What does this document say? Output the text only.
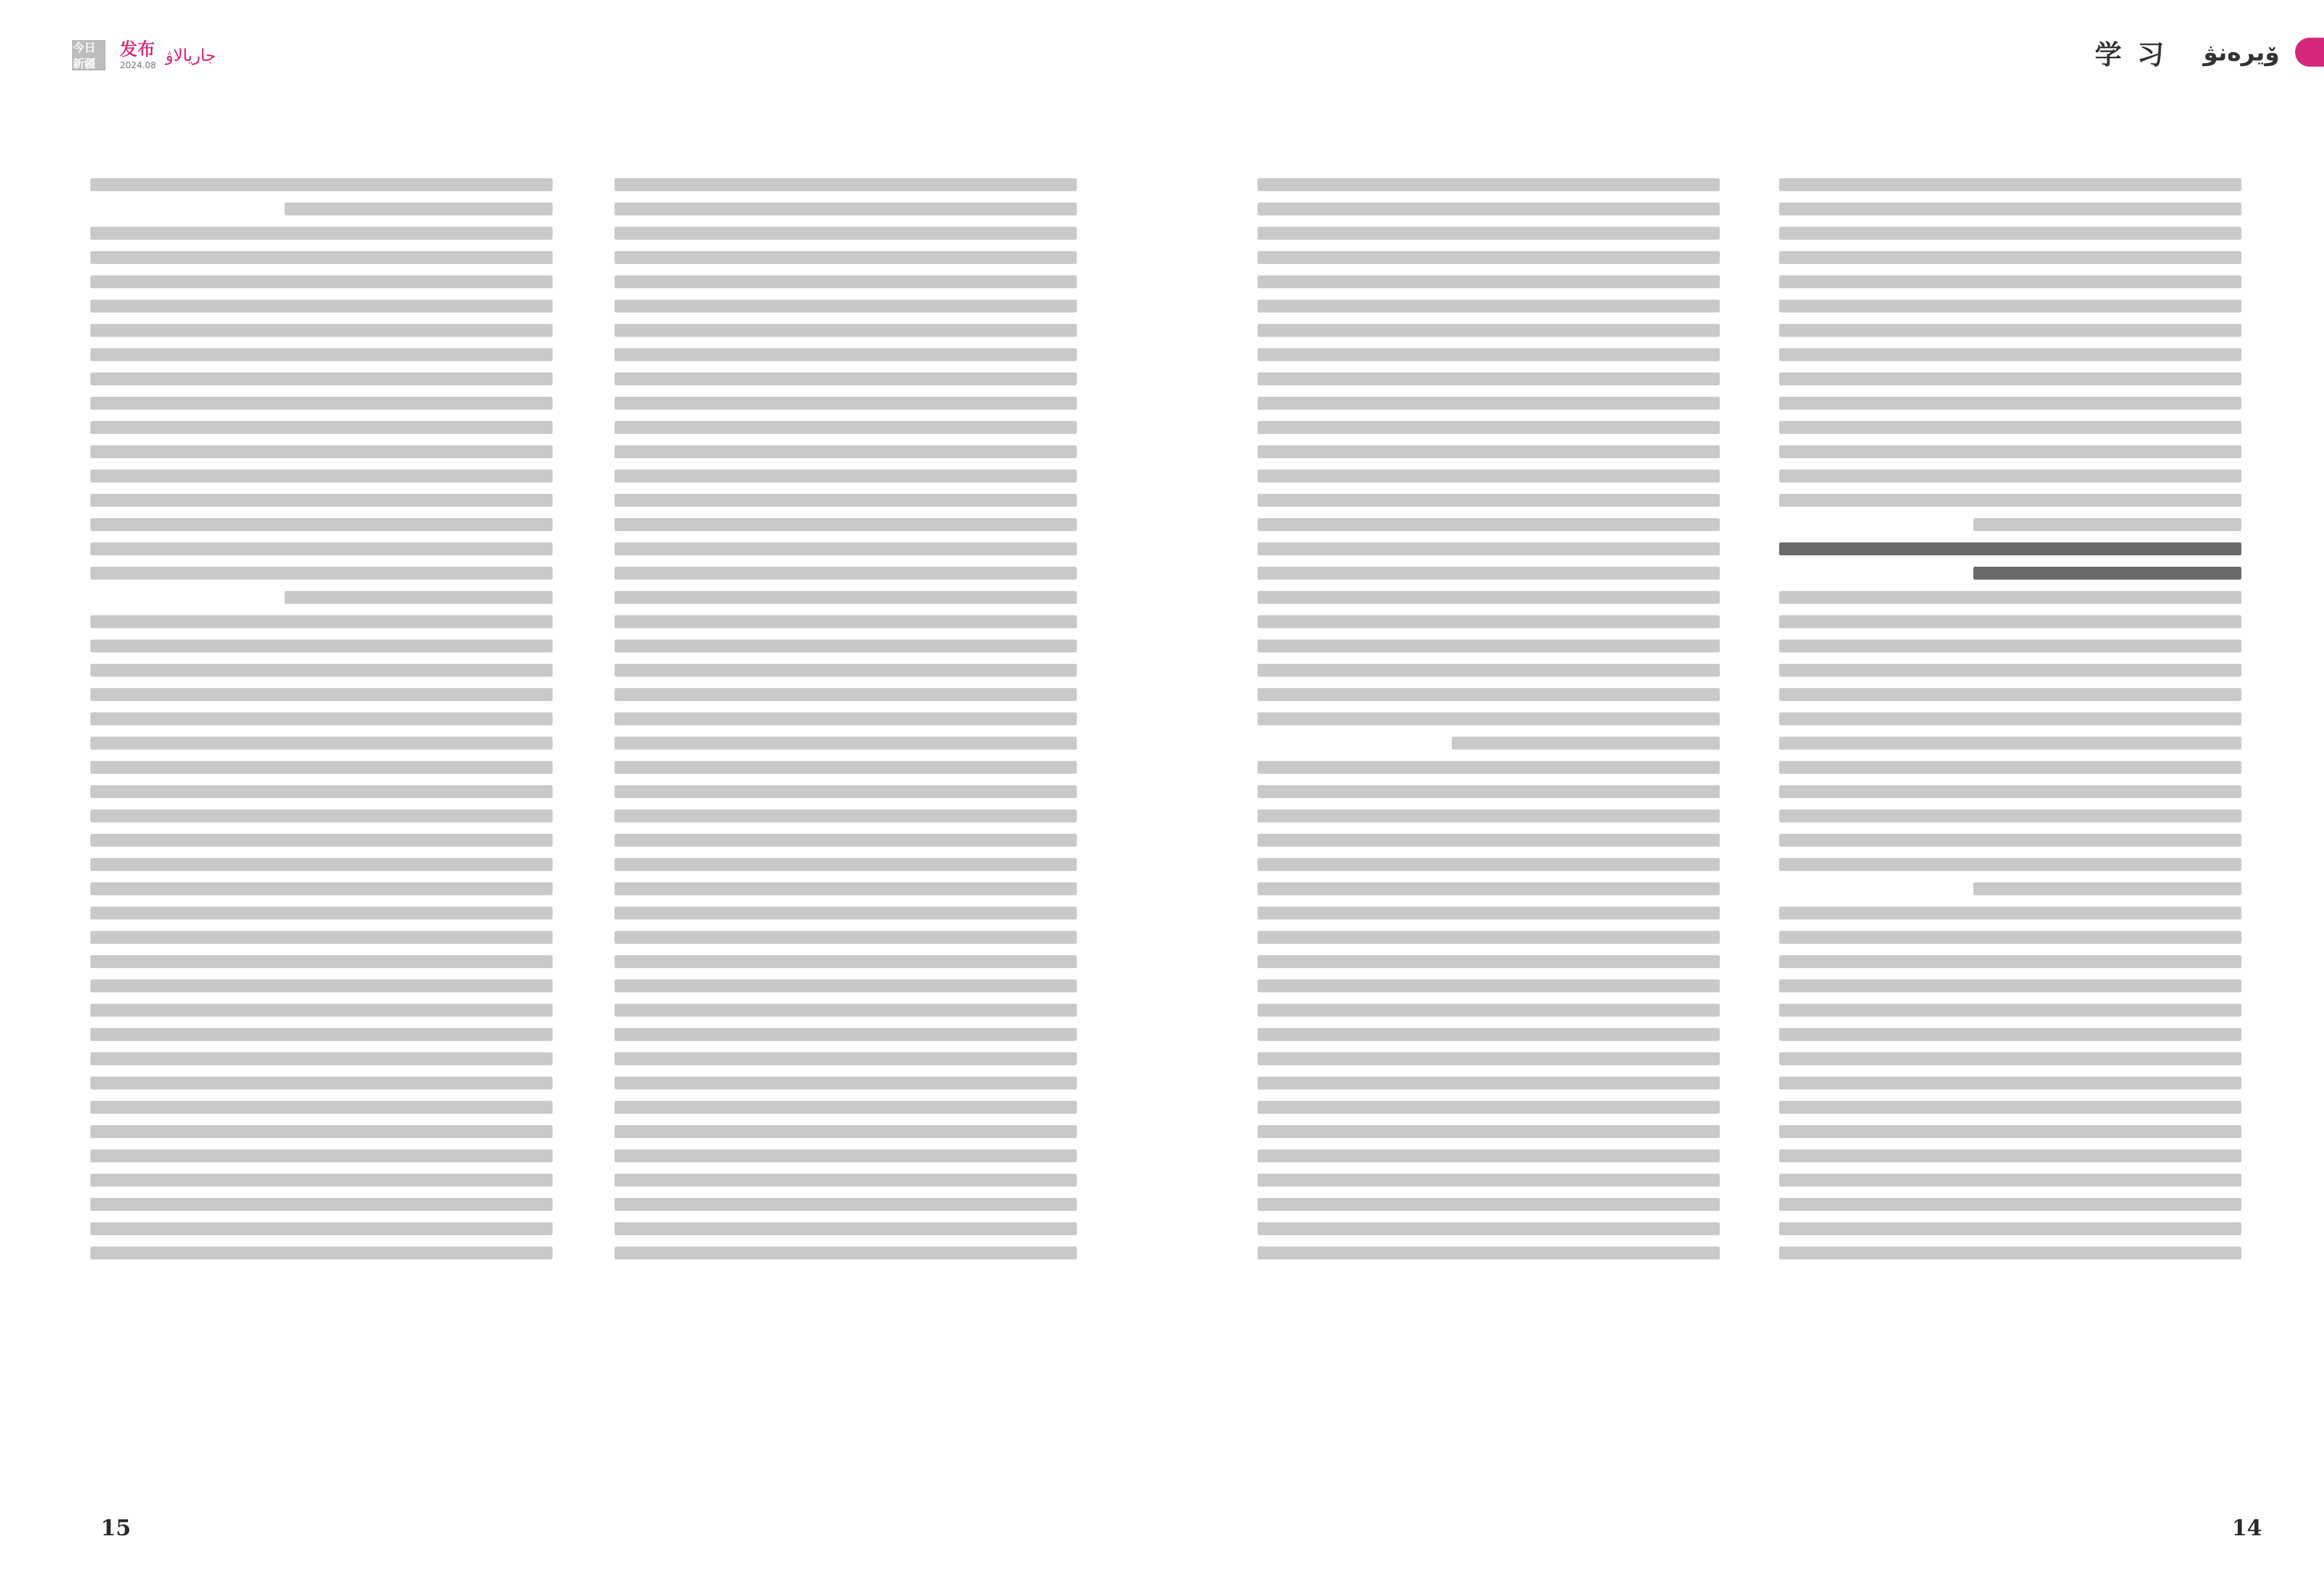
今日新疆
发布
2024.08
جاريالاۋ	学 习 ۆيرەنۋ
15	14
